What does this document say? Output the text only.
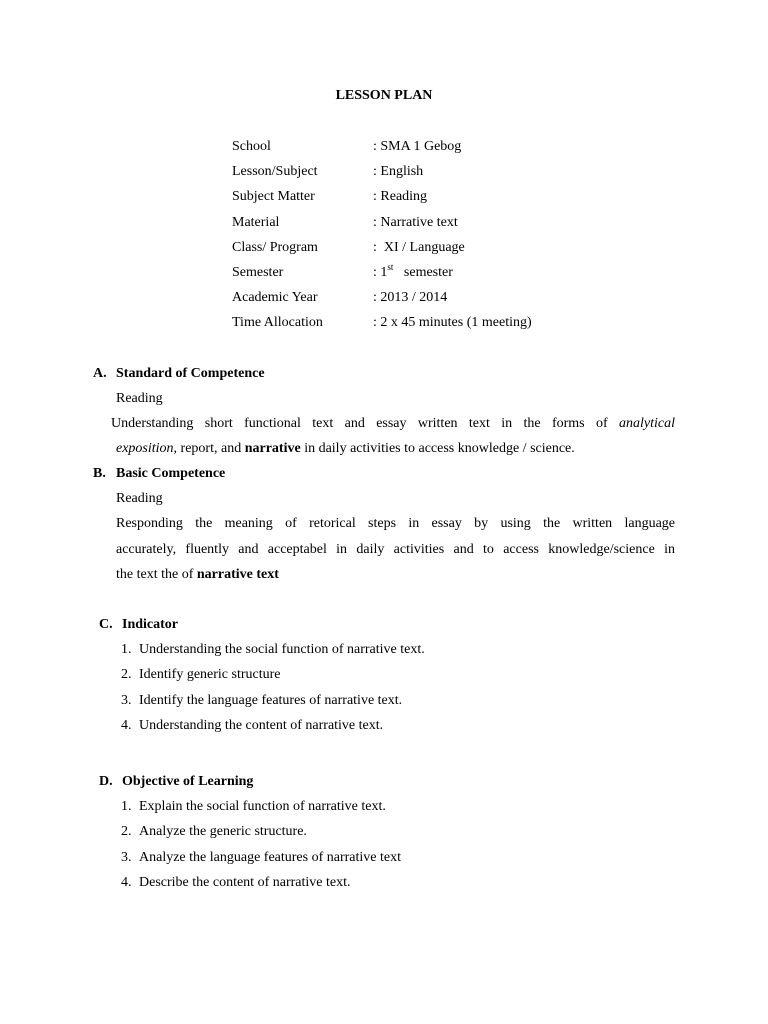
LESSON PLAN
School	: SMA 1 Gebog
Lesson/Subject	: English
Subject Matter	: Reading
Material	: Narrative text
Class/ Program	:  XI / Language
Semester	: 1st   semester
Academic Year	: 2013 / 2014
Time Allocation	: 2 x 45 minutes (1 meeting)
A. Standard of Competence
Reading
Understanding short functional text and essay written text in the forms of analytical
exposition, report, and narrative in daily activities to access knowledge / science.
B. Basic Competence
Reading
Responding the meaning of retorical steps in essay by using the written language
accurately, fluently and acceptabel in daily activities and to access knowledge/science in
the text the of narrative text
C. Indicator
1. Understanding the social function of narrative text.
2. Identify generic structure
3. Identify the language features of narrative text.
4. Understanding the content of narrative text.
D. Objective of Learning
1. Explain the social function of narrative text.
2. Analyze the generic structure.
3. Analyze the language features of narrative text
4. Describe the content of narrative text.
